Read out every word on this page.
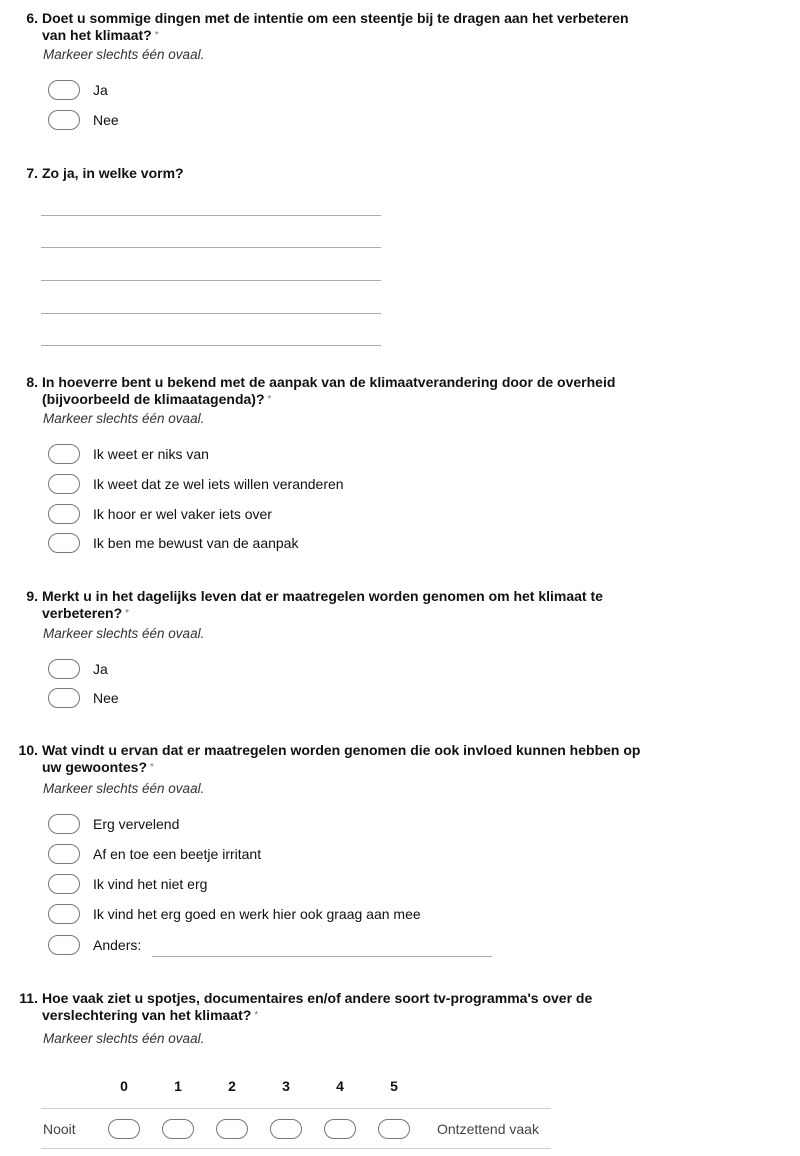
6. Doet u sommige dingen met de intentie om een steentje bij te dragen aan het verbeteren
van het klimaat? *
Markeer slechts één ovaal.
Ja
Nee
7. Zo ja, in welke vorm?
8. In hoeverre bent u bekend met de aanpak van de klimaatverandering door de overheid
(bijvoorbeeld de klimaatagenda)? *
Markeer slechts één ovaal.
Ik weet er niks van
Ik weet dat ze wel iets willen veranderen
Ik hoor er wel vaker iets over
Ik ben me bewust van de aanpak
9. Merkt u in het dagelijks leven dat er maatregelen worden genomen om het klimaat te
verbeteren? *
Markeer slechts één ovaal.
Ja
Nee
10. Wat vindt u ervan dat er maatregelen worden genomen die ook invloed kunnen hebben op
uw gewoontes? *
Markeer slechts één ovaal.
Erg vervelend
Af en toe een beetje irritant
Ik vind het niet erg
Ik vind het erg goed en werk hier ook graag aan mee
Anders:
11. Hoe vaak ziet u spotjes, documentaires en/of andere soort tv-programma's over de
verslechtering van het klimaat? *
Markeer slechts één ovaal.
0	1	2	3	4	5
Nooit	Ontzettend vaak
